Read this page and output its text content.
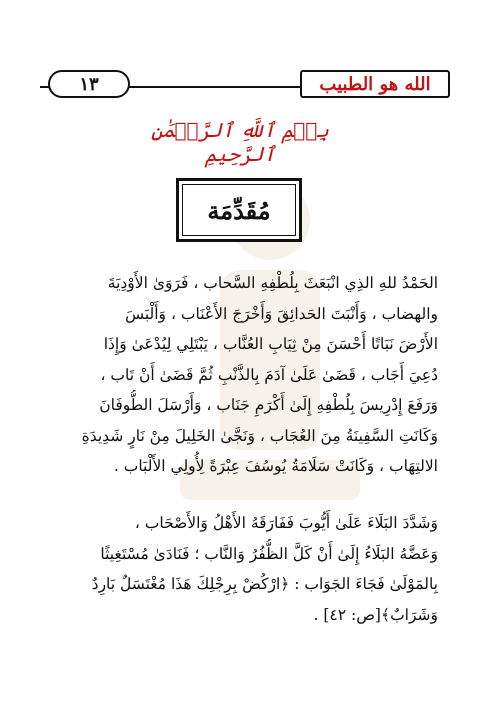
١٣	الله هو الطبيب
بِسۡمِ ٱللَّهِ ٱلرَّحۡمَٰنِ ٱلرَّحِيمِ
مُقَدِّمَة
الحَمْدُ للهِ الذِي انْبَعَثَ بِلُطْفِهِ السَّحاب ، فَرَوَىٰ الأَوْدِيَةَ
والهضاب ، وَأَنْبَتَ الحَدائِقَ وَأَخْرَجَ الأَعْنَاب ، وَأَلْبَسَ
الأَرْضَ نَبَاتًا أَحْسَنَ مِنْ ثِيَابِ العُنَّاب ، يَبْتَلِي لِيُدْعَىٰ وَإِذَا
دُعِيَ أَجَاب ، قَضَىٰ عَلَىٰ آدَمَ بِالذَّنْبِ ثُمَّ قَضَىٰ أَنْ تَاب ،
وَرَفَعَ إِدْرِيسَ بِلُطْفِهِ إِلَىٰ أَكْرَمِ جَنَاب ، وَأَرْسَلَ الطُّوفَانَ
وَكَانَتِ السَّفِينَةُ مِنَ العُجَاب ، وَنَجَّىٰ الخَلِيلَ مِنْ نَارٍ شَدِيدَةِ
الالتِهَاب ، وَكَانَتْ سَلَامَةُ يُوسُفَ عِبْرَةً لِأُولِي الأَلْبَاب .
وَشَدَّدَ البَلَاءَ عَلَىٰ أَيُّوبَ فَفَارَقَهُ الأَهْلُ وَالأَصْحَاب ،
وَعَضَّهُ البَلَاءُ إِلَىٰ أَنْ كَلَّ الظُّفُرُ وَالنَّاب ؛ فَنَادَىٰ مُسْتَغِيثًا
بِالمَوْلَىٰ فَجَاءَ الجَوَاب : ﴿ارْكُضْ بِرِجْلِكَ هَذَا مُغْتَسَلٌ بَارِدٌ
وَشَرَابٌ﴾[ص: ٤٢] .
